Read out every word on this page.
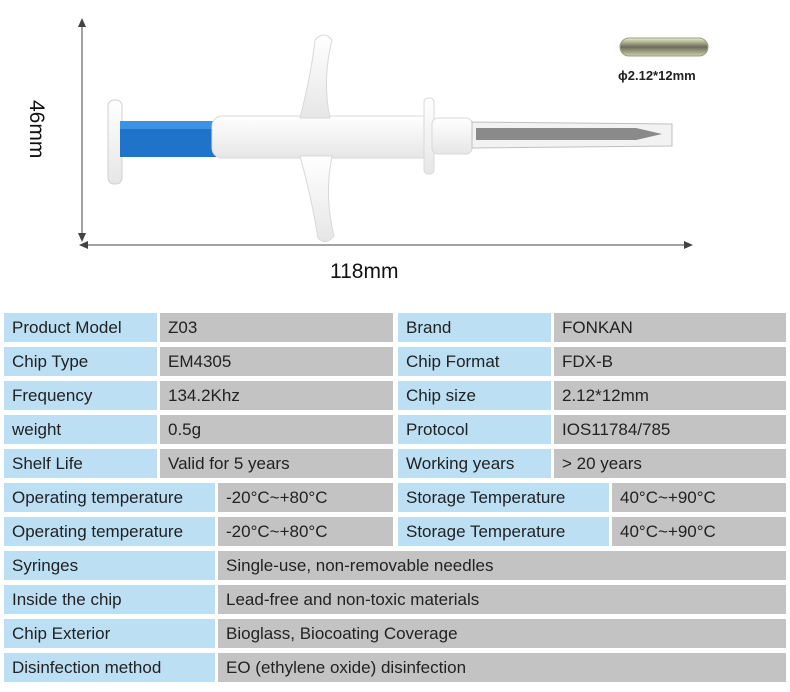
46mm
118mm
ϕ2.12*12mm
Product Model	Z03	Brand	FONKAN
Chip Type	EM4305	Chip Format	FDX-B
Frequency	134.2Khz	Chip size	2.12*12mm
weight	0.5g	Protocol	IOS11784/785
Shelf Life	Valid for 5 years	Working years	> 20 years
Operating temperature	-20°C~+80°C	Storage Temperature	40°C~+90°C
Operating temperature	-20°C~+80°C	Storage Temperature	40°C~+90°C
Syringes	Single-use, non-removable needles
Inside the chip	Lead-free and non-toxic materials
Chip Exterior	Bioglass, Biocoating Coverage
Disinfection method	EO (ethylene oxide) disinfection
